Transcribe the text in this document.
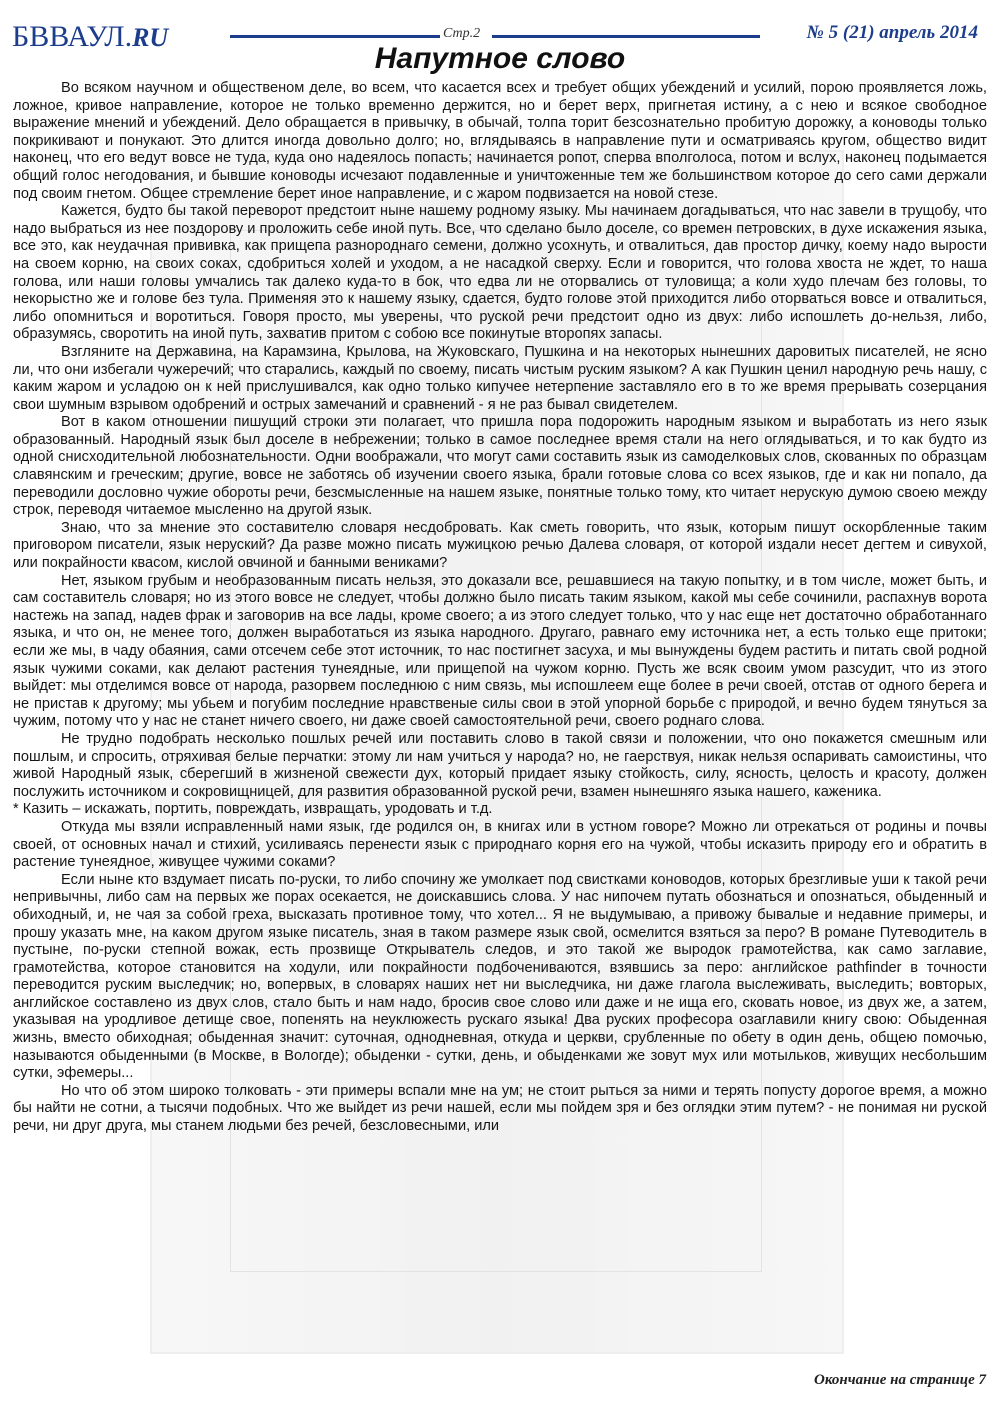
БВВАУЛ.RU	Стр.2	№ 5 (21) апрель 2014
Напутное слово

Во всяком научном и общественом деле, во всем, что касается всех и требует общих убеждений и усилий, порою проявляется ложь, ложное, кривое направление, которое не только временно держится, но и берет верх, пригнетая истину, а с нею и всякое свободное выражение мнений и убеждений. Дело обращается в привычку, в обычай, толпа торит безсознательно пробитую дорожку, а коноводы только покрикивают и понукают. Это длится иногда довольно долго; но, вглядываясь в направление пути и осматриваясь кругом, общество видит наконец, что его ведут вовсе не туда, куда оно надеялось попасть; начинается ропот, сперва вполголоса, потом и вслух, наконец подымается общий голос негодования, и бывшие коноводы исчезают подавленные и уничтоженные тем же большинством которое до сего сами держали под своим гнетом. Общее стремление берет иное направление, и с жаром подвизается на новой стезе.

Кажется, будто бы такой переворот предстоит ныне нашему родному языку. Мы начинаем догадываться, что нас завели в трущобу, что надо выбраться из нее поздорову и проложить себе иной путь. Все, что сделано было доселе, со времен петровских, в духе искажения языка, все это, как неудачная прививка, как прищепа разнороднаго семени, должно усохнуть, и отвалиться, дав простор дичку, коему надо вырости на своем корню, на своих соках, сдобриться холей и уходом, а не насадкой сверху. Если и говорится, что голова хвоста не ждет, то наша голова, или наши головы умчались так далеко куда-то в бок, что едва ли не оторвались от туловища; а коли худо плечам без головы, то некорыстно же и голове без тула. Применяя это к нашему языку, сдается, будто голове этой приходится либо оторваться вовсе и отвалиться, либо опомниться и воротиться. Говоря просто, мы уверены, что руской речи предстоит одно из двух: либо испошлеть до-нельзя, либо, образумясь, своротить на иной путь, захватив притом с собою все покинутые второпях запасы.

Взгляните на Державина, на Карамзина, Крылова, на Жуковскаго, Пушкина и на некоторых нынешних даровитых писателей, не ясно ли, что они избегали чужеречий; что старались, каждый по своему, писать чистым руским языком? А как Пушкин ценил народную речь нашу, с каким жаром и усладою он к ней прислушивался, как одно только кипучее нетерпение заставляло его в то же время прерывать созерцания свои шумным взрывом одобрений и острых замечаний и сравнений - я не раз бывал свидетелем.

Вот в каком отношении пишущий строки эти полагает, что пришла пора подорожить народным языком и выработать из него язык образованный. Народный язык был доселе в небрежении; только в самое последнее время стали на него оглядываться, и то как будто из одной снисходительной любознательности. Одни воображали, что могут сами составить язык из самоделковых слов, скованных по образцам славянским и греческим; другие, вовсе не заботясь об изучении своего языка, брали готовые слова со всех языков, где и как ни попало, да переводили дословно чужие обороты речи, безсмысленные на нашем языке, понятные только тому, кто читает нерускую думою своею между строк, переводя читаемое мысленно на другой язык.

Знаю, что за мнение это составителю словаря несдобровать. Как сметь говорить, что язык, которым пишут оскорбленные таким приговором писатели, язык неруский? Да разве можно писать мужицкою речью Далева словаря, от которой издали несет дегтем и сивухой, или покрайности квасом, кислой овчиной и банными вениками?

Нет, языком грубым и необразованным писать нельзя, это доказали все, решавшиеся на такую попытку, и в том числе, может быть, и сам составитель словаря; но из этого вовсе не следует, чтобы должно было писать таким языком, какой мы себе сочинили, распахнув ворота настежь на запад, надев фрак и заговорив на все лады, кроме своего; а из этого следует только, что у нас еще нет достаточно обработаннаго языка, и что он, не менее того, должен выработаться из языка народного. Другаго, равнаго ему источника нет, а есть только еще притоки; если же мы, в чаду обаяния, сами отсечем себе этот источник, то нас постигнет засуха, и мы вынуждены будем растить и питать свой родной язык чужими соками, как делают растения тунеядные, или прищепой на чужом корню. Пусть же всяк своим умом разсудит, что из этого выйдет: мы отделимся вовсе от народа, разорвем последнюю с ним связь, мы испошлеем еще более в речи своей, отстав от одного берега и не пристав к другому; мы убьем и погубим последние нравственые силы свои в этой упорной борьбе с природой, и вечно будем тянуться за чужим, потому что у нас не станет ничего своего, ни даже своей самостоятельной речи, своего роднаго слова.

Не трудно подобрать несколько пошлых речей или поставить слово в такой связи и положении, что оно покажется смешным или пошлым, и спросить, отряхивая белые перчатки: этому ли нам учиться у народа? но, не гаерствуя, никак нельзя оспаривать самоистины, что живой Народный язык, сберегший в жизненой свежести дух, который придает языку стойкость, силу, ясность, целость и красоту, должен послужить источником и сокровищницей, для развития образованной руской речи, взамен нынешняго языка нашего, каженика.

* Казить – искажать, портить, повреждать, извращать, уродовать и т.д.

Откуда мы взяли исправленный нами язык, где родился он, в книгах или в устном говоре? Можно ли отрекаться от родины и почвы своей, от основных начал и стихий, усиливаясь перенести язык с природнаго корня его на чужой, чтобы исказить природу его и обратить в растение тунеядное, живущее чужими соками?

Если ныне кто вздумает писать по-руски, то либо спочину же умолкает под свистками коноводов, которых брезгливые уши к такой речи непривычны, либо сам на первых же порах осекается, не доискавшись слова. У нас нипочем путать обознаться и опознаться, обыденный и обиходный, и, не чая за собой греха, высказать противное тому, что хотел... Я не выдумываю, а привожу бывалые и недавние примеры, и прошу указать мне, на каком другом языке писатель, зная в таком размере язык свой, осмелится взяться за перо? В романе Путеводитель в пустыне, по-руски степной вожак, есть прозвище Открыватель следов, и это такой же выродок грамотейства, как само заглавие, грамотейства, которое становится на ходули, или покрайности подбочениваются, взявшись за перо: английское pathfinder в точности переводится руским выследчик; но, вопервых, в словарях наших нет ни выследчика, ни даже глагола выслеживать, выследить; вовторых, английское составлено из двух слов, стало быть и нам надо, бросив свое слово или даже и не ища его, сковать новое, из двух же, а затем, указывая на уродливое детище свое, попенять на неуклюжесть рускаго языка! Два руских професора озаглавили книгу свою: Обыденная жизнь, вместо обиходная; обыденная значит: суточная, однодневная, откуда и церкви, срубленные по обету в один день, общею помочью, называются обыденными (в Москве, в Вологде); обыденки - сутки, день, и обыденками же зовут мух или мотыльков, живущих несбольшим сутки, эфемеры...

Но что об этом широко толковать - эти примеры вспали мне на ум; не стоит рыться за ними и терять попусту дорогое время, а можно бы найти не сотни, а тысячи подобных. Что же выйдет из речи нашей, если мы пойдем зря и без оглядки этим путем? - не понимая ни руской речи, ни друг друга, мы станем людьми без речей, безсловесными, или

Окончание на странице 7
